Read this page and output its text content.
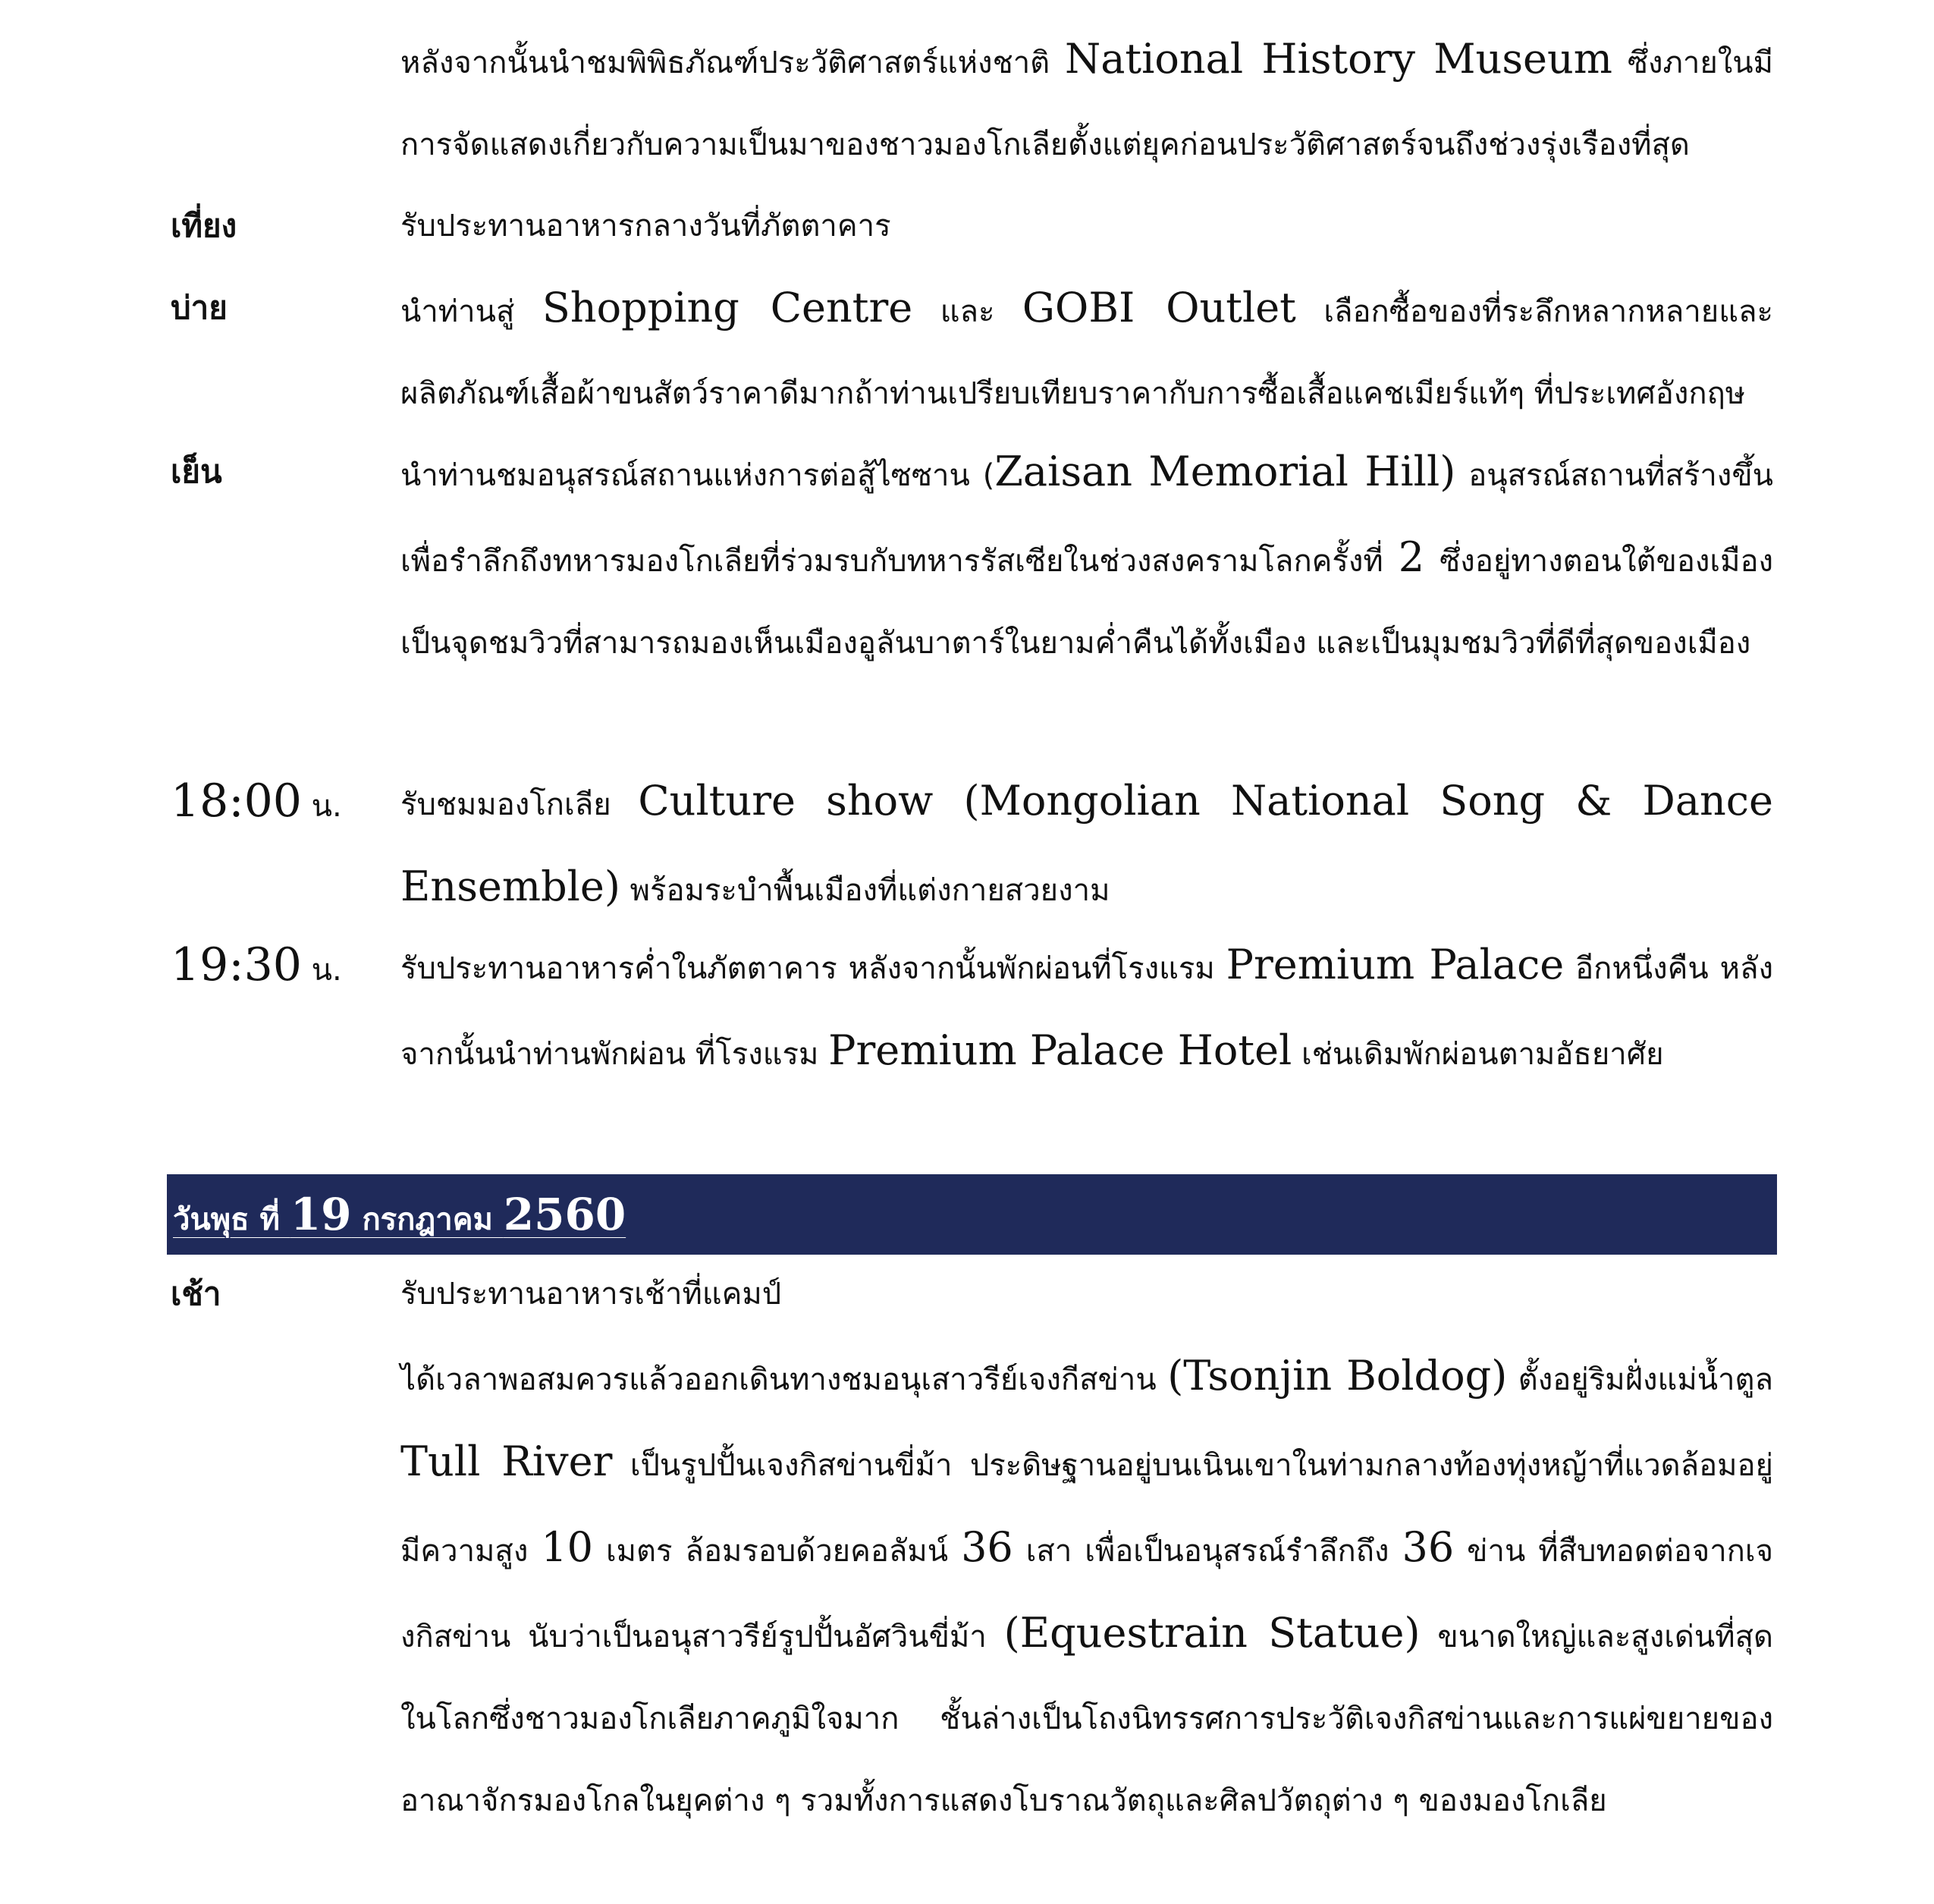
หลังจากนั้นนำชมพิพิธภัณฑ์ประวัติศาสตร์แห่งชาติ National History Museum ซึ่งภายในมีการจัดแสดงเกี่ยวกับความเป็นมาของชาวมองโกเลียตั้งแต่ยุคก่อนประวัติศาสตร์จนถึงช่วงรุ่งเรืองที่สุด
เที่ยง	รับประทานอาหารกลางวันที่ภัตตาคาร
บ่าย	นำท่านสู่ Shopping Centre และ GOBI Outlet เลือกซื้อของที่ระลึกหลากหลายและผลิตภัณฑ์เสื้อผ้าขนสัตว์ราคาดีมากถ้าท่านเปรียบเทียบราคากับการซื้อเสื้อแคชเมียร์แท้ๆ ที่ประเทศอังกฤษ
เย็น	นำท่านชมอนุสรณ์สถานแห่งการต่อสู้ไซซาน (Zaisan Memorial Hill) อนุสรณ์สถานที่สร้างขึ้นเพื่อรำลึกถึงทหารมองโกเลียที่ร่วมรบกับทหารรัสเซียในช่วงสงครามโลกครั้งที่ 2 ซึ่งอยู่ทางตอนใต้ของเมืองเป็นจุดชมวิวที่สามารถมองเห็นเมืองอูลันบาตาร์ในยามค่ำคืนได้ทั้งเมือง และเป็นมุมชมวิวที่ดีที่สุดของเมือง
18:00 น. รับชมมองโกเลีย Culture show (Mongolian National Song & Dance Ensemble) พร้อมระบำพื้นเมืองที่แต่งกายสวยงาม
19:30 น. รับประทานอาหารค่ำในภัตตาคาร หลังจากนั้นพักผ่อนที่โรงแรม Premium Palace อีกหนึ่งคืน หลังจากนั้นนำท่านพักผ่อน ที่โรงแรม Premium Palace Hotel เช่นเดิมพักผ่อนตามอัธยาศัย
วันพุธ ที่ 19 กรกฎาคม 2560
เช้า	รับประทานอาหารเช้าที่แคมป์
ได้เวลาพอสมควรแล้วออกเดินทางชมอนุเสาวรีย์เจงกีสข่าน (Tsonjin Boldog) ตั้งอยู่ริมฝั่งแม่น้ำตูล Tull River เป็นรูปปั้นเจงกิสข่านขี่ม้า ประดิษฐานอยู่บนเนินเขาในท่ามกลางท้องทุ่งหญ้าที่แวดล้อมอยู่ มีความสูง 10 เมตร ล้อมรอบด้วยคอลัมน์ 36 เสา เพื่อเป็นอนุสรณ์รำลึกถึง 36 ข่าน ที่สืบทอดต่อจากเจงกิสข่าน นับว่าเป็นอนุสาวรีย์รูปปั้นอัศวินขี่ม้า (Equestrain Statue) ขนาดใหญ่และสูงเด่นที่สุดในโลกซึ่งชาวมองโกเลียภาคภูมิใจมาก ชั้นล่างเป็นโถงนิทรรศการประวัติเจงกิสข่านและการแผ่ขยายของอาณาจักรมองโกลในยุคต่าง ๆ รวมทั้งการแสดงโบราณวัตถุและศิลปวัตถุต่าง ๆ ของมองโกเลีย
